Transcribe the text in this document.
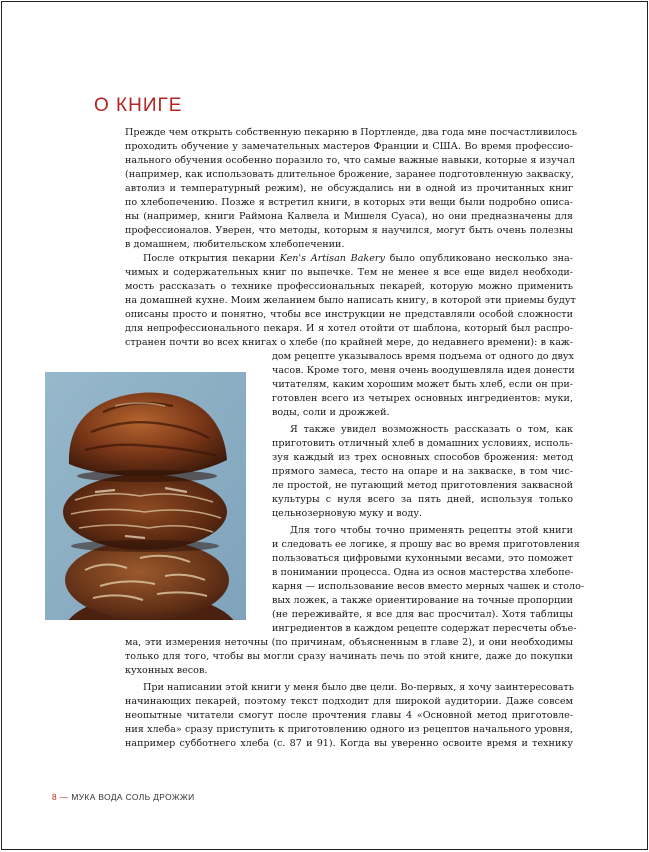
О КНИГЕ
Прежде чем открыть собственную пекарню в Портленде, два года мне посчастливилось
проходить обучение у замечательных мастеров Франции и США. Во время профессио-
нального обучения особенно поразило то, что самые важные навыки, которые я изучал
(например, как использовать длительное брожение, заранее подготовленную закваску,
автолиз и температурный режим), не обсуждались ни в одной из прочитанных книг
по хлебопечению. Позже я встретил книги, в которых эти вещи были подробно описа-
ны (например, книги Раймона Калвела и Мишеля Суаса), но они предназначены для
профессионалов. Уверен, что методы, которым я научился, могут быть очень полезны
в домашнем, любительском хлебопечении.
После открытия пекарни Ken's Artisan Bakery было опубликовано несколько зна-
чимых и содержательных книг по выпечке. Тем не менее я все еще видел необходи-
мость рассказать о технике профессиональных пекарей, которую можно применить
на домашней кухне. Моим желанием было написать книгу, в которой эти приемы будут
описаны просто и понятно, чтобы все инструкции не представляли особой сложности
для непрофессионального пекаря. И я хотел отойти от шаблона, который был распро-
странен почти во всех книгах о хлебе (по крайней мере, до недавнего времени): в каж-
дом рецепте указывалось время подъема от одного до двух
часов. Кроме того, меня очень воодушевляла идея донести
читателям, каким хорошим может быть хлеб, если он при-
готовлен всего из четырех основных ингредиентов: муки,
воды, соли и дрожжей.
Я также увидел возможность рассказать о том, как
приготовить отличный хлеб в домашних условиях, исполь-
зуя каждый из трех основных способов брожения: метод
прямого замеса, тесто на опаре и на закваске, в том чис-
ле простой, не пугающий метод приготовления закваснoй
культуры с нуля всего за пять дней, используя только
цельнозерновую муку и воду.
Для того чтобы точно применять рецепты этой книги
и следовать ее логике, я прошу вас во время приготовления
пользоваться цифровыми кухонными весами, это поможет
в понимании процесса. Одна из основ мастерства хлебопе-
карня — использование весов вместо мерных чашек и столо-
вых ложек, а также ориентирование на точные пропорции
(не переживайте, я все для вас просчитал). Хотя таблицы
ингредиентов в каждом рецепте содержат пересчеты объе-
ма, эти измерения неточны (по причинам, объясненным в главе 2), и они необходимы
только для того, чтобы вы могли сразу начинать печь по этой книге, даже до покупки
кухонных весов.
При написании этой книги у меня было две цели. Во-первых, я хочу заинтересовать
начинающих пекарей, поэтому текст подходит для широкой аудитории. Даже совсем
неопытные читатели смогут после прочтения главы 4 «Основной метод приготовле-
ния хлеба» сразу приступить к приготовлению одного из рецептов начального уровня,
например субботнего хлеба (с. 87 и 91). Когда вы уверенно освоите время и технику
8 — МУКА ВОДА СОЛЬ ДРОЖЖИ
